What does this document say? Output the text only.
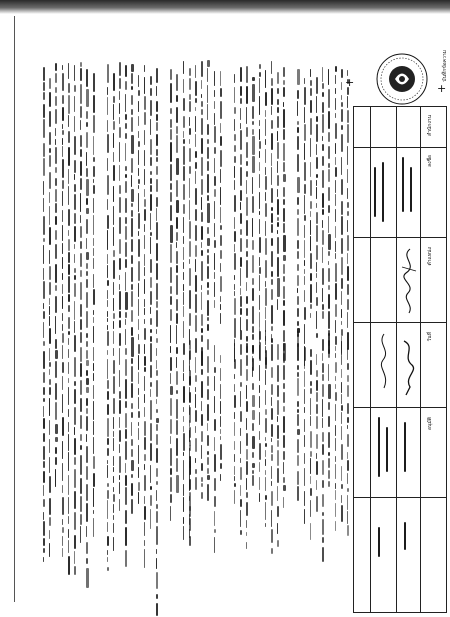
บันทึกข้อความ
+	+
สำนักงาน
ลงชื่อ
ตำแหน่ง
วันที่
อนุมัติ
